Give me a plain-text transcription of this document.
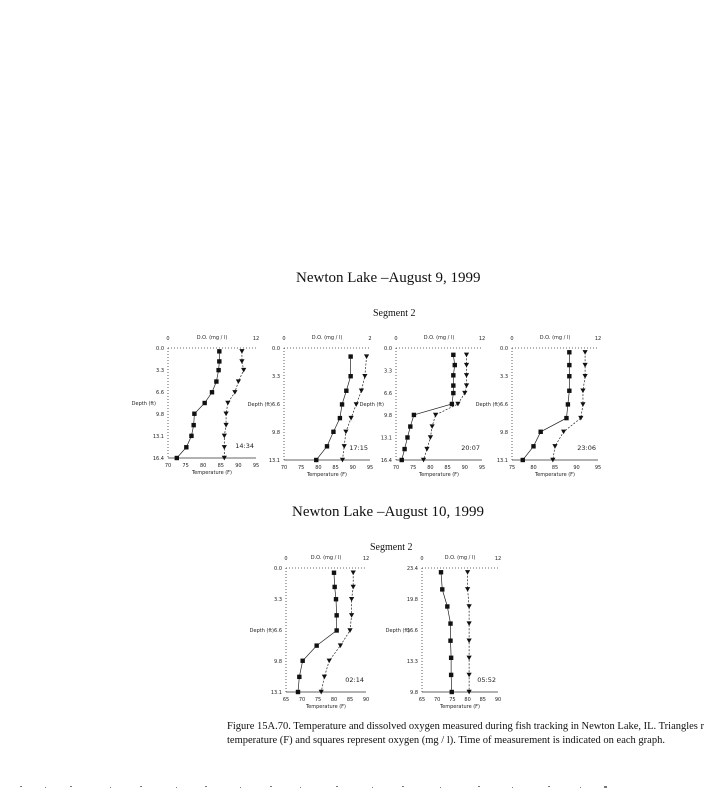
Newton Lake –August 9, 1999
Segment 2
Newton Lake –August 10, 1999
Segment 2
0.0
3.3
6.6
9.8
13.1
16.4
70 75 80 85 90 95
0	12
D.O. (mg / l)
Temperature (F)
Depth (ft)
14:34
0.0
3.3
6.6
9.8
13.1
70 75 80 85 90 95
0	2
D.O. (mg / l)
Temperature (F)
Depth (ft)
17:15
0.0
3.3
6.6
9.8
13.1
16.4
70 75 80 85 90 95
0	12
D.O. (mg / l)
Temperature (F)
Depth (ft)
20:07
0.0
3.3
6.6
9.8
13.1
75	80	85	90	95
0	12
D.O. (mg / l)
Temperature (F)
Depth (ft)
23:06
0.0
3.3
6.6
9.8
13.1
65 70 75 80 85 90
0	12
D.O. (mg / l)
Temperature (F)
Depth (ft)
02:14
23.4
19.8
16.6
13.3
9.8
65 70 75 80 85 90
0	12
D.O. (mg / l)
Temperature (F)
Depth (ft)
05:52
Figure 15A.70. Temperature and dissolved oxygen measured during fish tracking in Newton Lake, IL. Triangles r
temperature (F) and squares represent oxygen (mg / l). Time of measurement is indicated on each graph.
